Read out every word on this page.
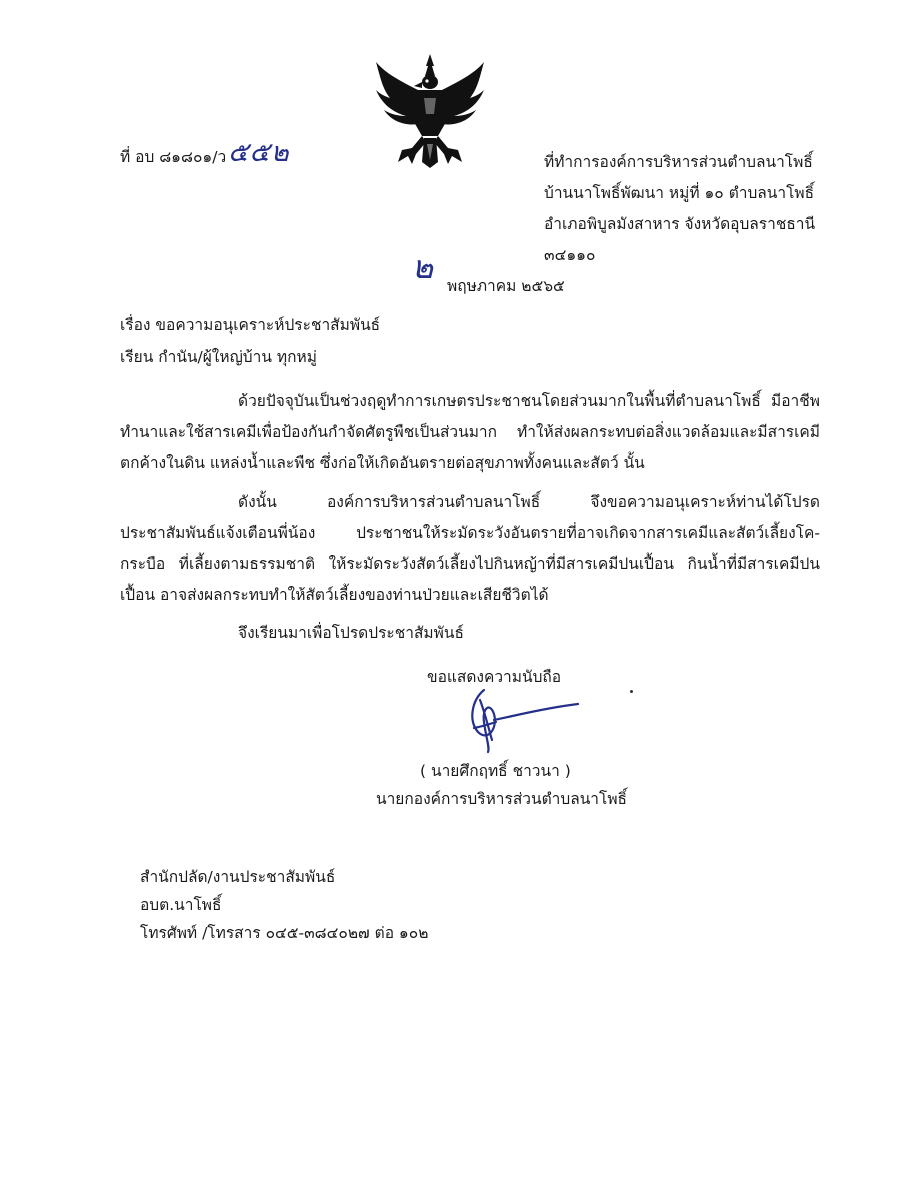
ที่ อบ ๘๑๘๐๑/ว ๕๕๒	ที่ทำการองค์การบริหารส่วนตำบลนาโพธิ์
บ้านนาโพธิ์พัฒนา หมู่ที่ ๑๐ ตำบลนาโพธิ์
อำเภอพิบูลมังสาหาร จังหวัดอุบลราชธานี
๓๔๑๑๐
๒ พฤษภาคม ๒๕๖๕
เรื่อง ขอความอนุเคราะห์ประชาสัมพันธ์
เรียน กำนัน/ผู้ใหญ่บ้าน ทุกหมู่
ด้วยปัจจุบันเป็นช่วงฤดูทำการเกษตรประชาชนโดยส่วนมากในพื้นที่ตำบลนาโพธิ์ มีอาชีพทำนาและใช้สารเคมีเพื่อป้องกันกำจัดศัตรูพืชเป็นส่วนมาก ทำให้ส่งผลกระทบต่อสิ่งแวดล้อมและมีสารเคมีตกค้างในดิน แหล่งน้ำและพืช ซึ่งก่อให้เกิดอันตรายต่อสุขภาพทั้งคนและสัตว์ นั้น
ดังนั้น องค์การบริหารส่วนตำบลนาโพธิ์ จึงขอความอนุเคราะห์ท่านได้โปรดประชาสัมพันธ์แจ้งเตือนพี่น้อง ประชาชนให้ระมัดระวังอันตรายที่อาจเกิดจากสารเคมีและสัตว์เลี้ยงโค-กระบือ ที่เลี้ยงตามธรรมชาติ ให้ระมัดระวังสัตว์เลี้ยงไปกินหญ้าที่มีสารเคมีปนเปื้อน กินน้ำที่มีสารเคมีปนเปื้อน อาจส่งผลกระทบทำให้สัตว์เลี้ยงของท่านป่วยและเสียชีวิตได้
จึงเรียนมาเพื่อโปรดประชาสัมพันธ์
ขอแสดงความนับถือ
( นายศึกฤทธิ์ ชาวนา )
นายกองค์การบริหารส่วนตำบลนาโพธิ์
สำนักปลัด/งานประชาสัมพันธ์
อบต.นาโพธิ์
โทรศัพท์ /โทรสาร ๐๔๕-๓๘๔๐๒๗ ต่อ ๑๐๒
